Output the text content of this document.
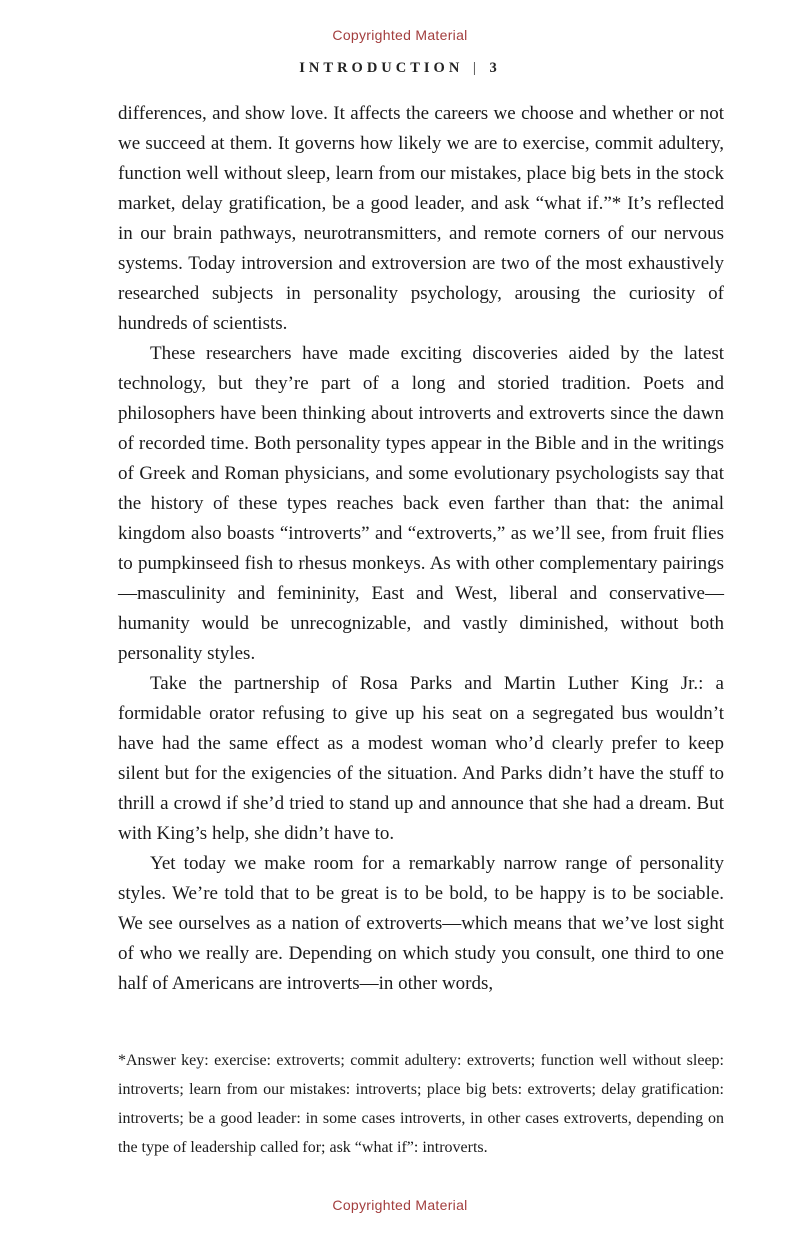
Copyrighted Material
INTRODUCTION | 3

differences, and show love. It affects the careers we choose and whether or not we succeed at them. It governs how likely we are to exercise, commit adultery, function well without sleep, learn from our mistakes, place big bets in the stock market, delay gratification, be a good leader, and ask “what if.”* It’s reflected in our brain pathways, neurotransmitters, and remote corners of our nervous systems. Today introversion and extroversion are two of the most exhaustively researched subjects in personality psychology, arousing the curiosity of hundreds of scientists.

These researchers have made exciting discoveries aided by the latest technology, but they’re part of a long and storied tradition. Poets and philosophers have been thinking about introverts and extroverts since the dawn of recorded time. Both personality types appear in the Bible and in the writings of Greek and Roman physicians, and some evolutionary psychologists say that the history of these types reaches back even farther than that: the animal kingdom also boasts “introverts” and “extroverts,” as we’ll see, from fruit flies to pumpkinseed fish to rhesus monkeys. As with other complementary pairings—masculinity and femininity, East and West, liberal and conservative—humanity would be unrecognizable, and vastly diminished, without both personality styles.

Take the partnership of Rosa Parks and Martin Luther King Jr.: a formidable orator refusing to give up his seat on a segregated bus wouldn’t have had the same effect as a modest woman who’d clearly prefer to keep silent but for the exigencies of the situation. And Parks didn’t have the stuff to thrill a crowd if she’d tried to stand up and announce that she had a dream. But with King’s help, she didn’t have to.

Yet today we make room for a remarkably narrow range of personality styles. We’re told that to be great is to be bold, to be happy is to be sociable. We see ourselves as a nation of extroverts—which means that we’ve lost sight of who we really are. Depending on which study you consult, one third to one half of Americans are introverts—in other words,

*Answer key: exercise: extroverts; commit adultery: extroverts; function well without sleep: introverts; learn from our mistakes: introverts; place big bets: extroverts; delay gratification: introverts; be a good leader: in some cases introverts, in other cases extroverts, depending on the type of leadership called for; ask “what if”: introverts.
Copyrighted Material
